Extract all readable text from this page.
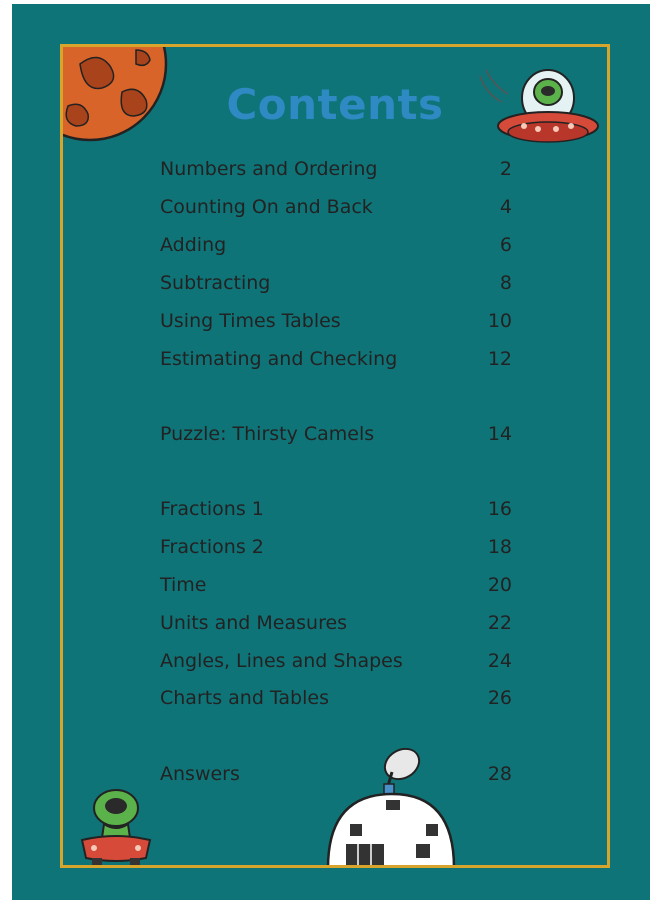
Contents
Numbers and Ordering	2
Counting On and Back	4
Adding	6
Subtracting	8
Using Times Tables	10
Estimating and Checking	12
Puzzle: Thirsty Camels	14
Fractions 1	16
Fractions 2	18
Time	20
Units and Measures	22
Angles, Lines and Shapes	24
Charts and Tables	26
Answers	28
